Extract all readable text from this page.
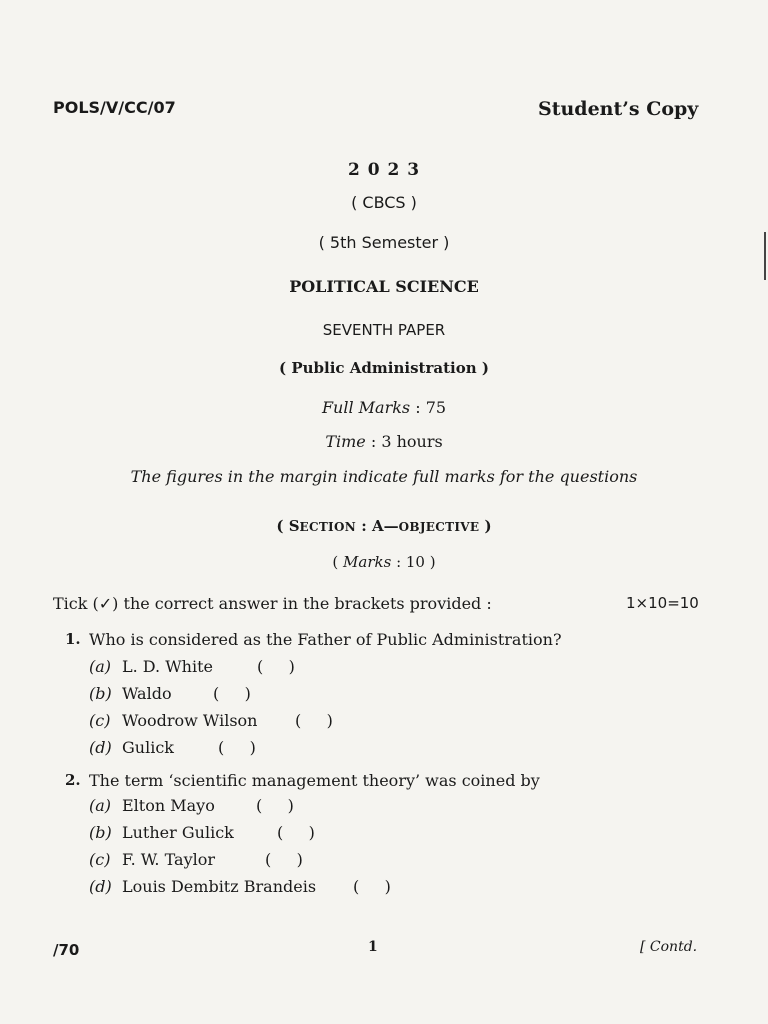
POLS/V/CC/07	Student’s Copy
2 0 2 3
( CBCS )
( 5th Semester )
POLITICAL SCIENCE
SEVENTH PAPER
( Public Administration )
Full Marks : 75
Time : 3 hours
The figures in the margin indicate full marks for the questions
( SECTION : A—OBJECTIVE )
( Marks : 10 )
Tick (✓) the correct answer in the brackets provided :	1×10=10
1. Who is considered as the Father of Public Administration?
(a) L. D. White	(     )
(b) Waldo	(     )
(c) Woodrow Wilson (     )
(d) Gulick	(     )
2. The term ‘scientific management theory’ was coined by
(a) Elton Mayo	(     )
(b) Luther Gulick	(     )
(c) F. W. Taylor	(     )
(d) Louis Dembitz Brandeis (     )
/70	1	[ Contd.
